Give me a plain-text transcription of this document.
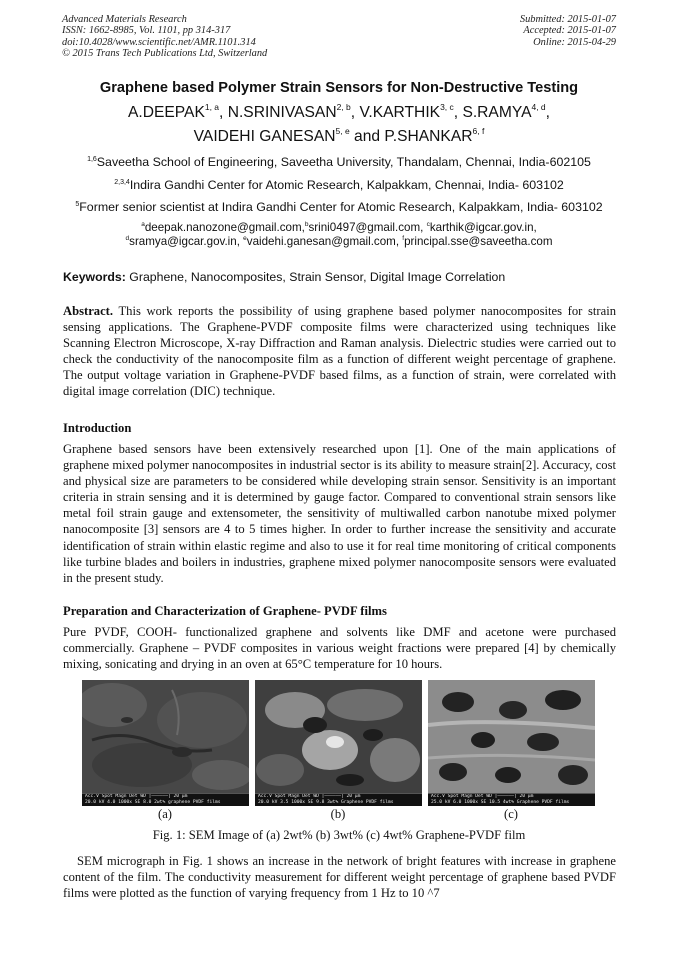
Advanced Materials Research
ISSN: 1662-8985, Vol. 1101, pp 314-317
doi:10.4028/www.scientific.net/AMR.1101.314
© 2015 Trans Tech Publications Ltd, Switzerland
Submitted: 2015-01-07
Accepted: 2015-01-07
Online: 2015-04-29
Graphene based Polymer Strain Sensors for Non-Destructive Testing
A.DEEPAK$^{1, a}$, N.SRINIVASAN$^{2, b}$, V.KARTHIK$^{3, c}$, S.RAMYA$^{4, d}$,
VAIDEHI GANESAN$^{5, e}$ and P.SHANKAR$^{6, f}$
$^{1,6}$Saveetha School of Engineering, Saveetha University, Thandalam, Chennai, India-602105
$^{2,3,4}$Indira Gandhi Center for Atomic Research, Kalpakkam, Chennai, India- 603102
$^5$Former senior scientist at Indira Gandhi Center for Atomic Research, Kalpakkam, India- 603102
$^a$deepak.nanozone@gmail.com,$^b$srini0497@gmail.com, $^c$karthik@igcar.gov.in,
$^d$sramya@igcar.gov.in, $^e$vaidehi.ganesan@gmail.com, $^f$principal.sse@saveetha.com
Keywords: Graphene, Nanocomposites, Strain Sensor, Digital Image Correlation

Abstract. This work reports the possibility of using graphene based polymer nanocomposites for strain sensing applications. The Graphene-PVDF composite films were characterized using techniques like Scanning Electron Microscope, X-ray Diffraction and Raman analysis. Dielectric studies were carried out to check the conductivity of the nanocomposite film as a function of different weight percentage of graphene. The output voltage variation in Graphene-PVDF based films, as a function of strain, were correlated with digital image correlation (DIC) technique.

Introduction

Graphene based sensors have been extensively researched upon [1]. One of the main applications of graphene mixed polymer nanocomposites in industrial sector is its ability to measure strain[2]. Accuracy, cost and physical size are parameters to be considered while developing strain sensor. Sensitivity is an important criteria in strain sensing and it is determined by gauge factor. Compared to conventional strain sensors like metal foil strain gauge and extensometer, the sensitivity of multiwalled carbon nanotube mixed polymer nanocomposite [3] sensors are 4 to 5 times higher. In order to further increase the sensitivity and accurate identification of strain within elastic regime and also to use it for real time monitoring of critical components like turbine blades and boilers in industries, graphene mixed polymer nanocomposite sensors were evaluated in the present study.

Preparation and Characterization of Graphene- PVDF films

Pure PVDF, COOH- functionalized graphene and solvents like DMF and acetone were purchased commercially. Graphene – PVDF composites in various weight fractions were prepared [4] by chemically mixing, sonicating and drying in an oven at 65°C temperature for 10 hours.

Acc.V Spot Magn Det WD |——————| 20 µm
20.0 kV 4.0 1000x SE 8.0 2wt% graphene PVDF films
Acc.V Spot Magn Det WD |——————| 20 µm
20.0 kV 3.5 1000x SE 9.8 3wt% Graphene PVDF films
Acc.V Spot Magn Det WD |——————| 20 µm
25.0 kV 6.0 1000x SE 10.5 4wt% Graphene PVDF films
(a)	(b)	(c)
Fig. 1: SEM Image of (a) 2wt% (b) 3wt% (c) 4wt% Graphene-PVDF film

SEM micrograph in Fig. 1 shows an increase in the network of bright features with increase in graphene content of the film. The conductivity measurement for different weight percentage of graphene based PVDF films were plotted as the function of varying frequency from 1 Hz to 10 ^7
